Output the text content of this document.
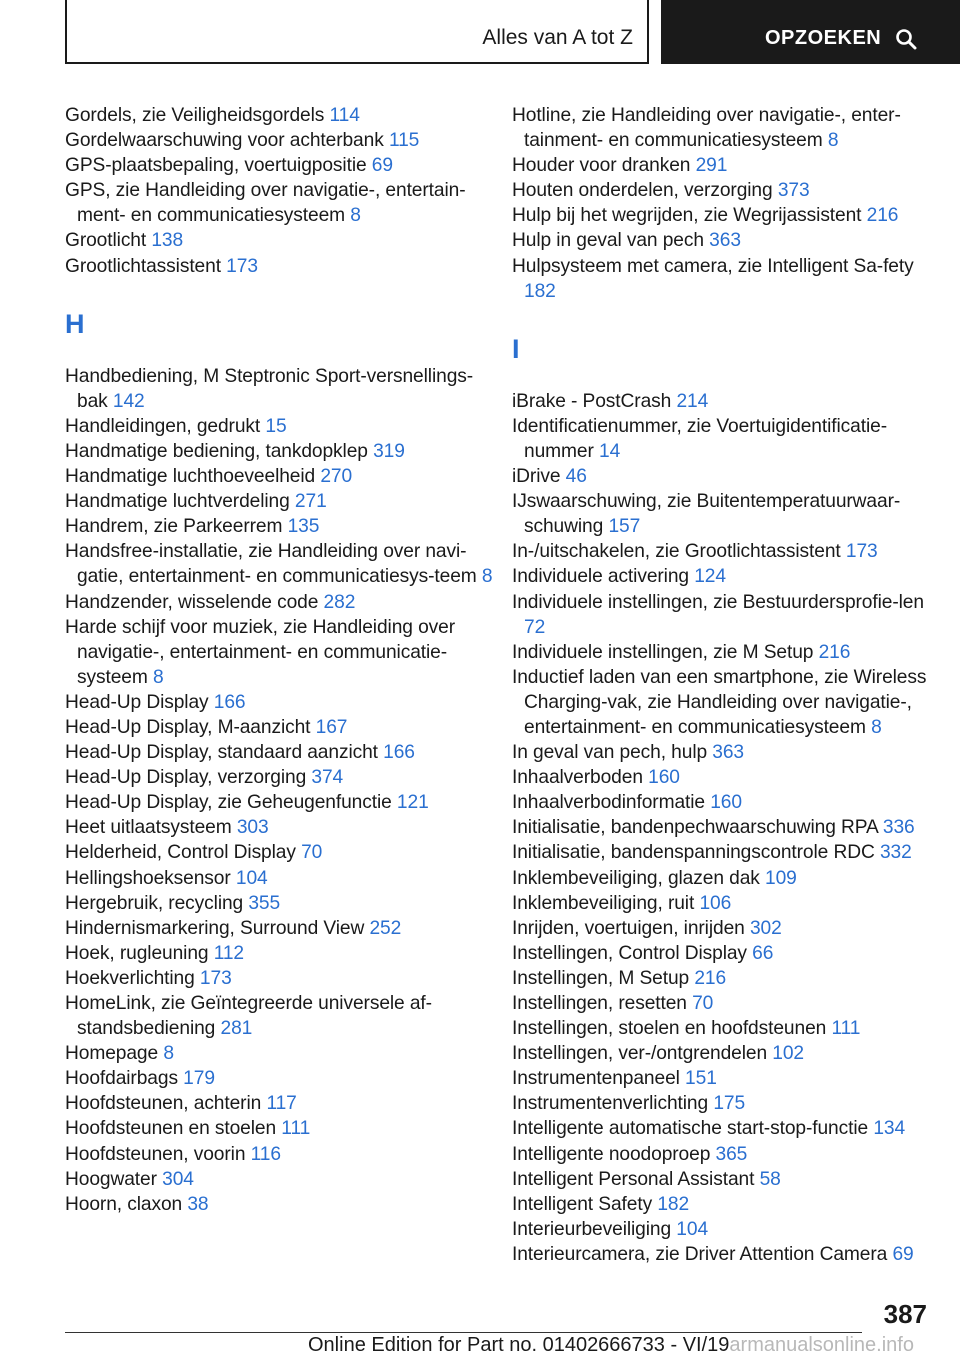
Alles van A tot Z	OPZOEKEN
Gordels, zie Veiligheidsgordels 114
Gordelwaarschuwing voor achterbank 115
GPS-plaatsbepaling, voertuigpositie 69
GPS, zie Handleiding over navigatie-, entertain-ment- en communicatiesysteem 8
Grootlicht 138
Grootlichtassistent 173
H
Handbediening, M Steptronic Sport-versnellings-bak 142
Handleidingen, gedrukt 15
Handmatige bediening, tankdopklep 319
Handmatige luchthoeveelheid 270
Handmatige luchtverdeling 271
Handrem, zie Parkeerrem 135
Handsfree-installatie, zie Handleiding over navi-gatie, entertainment- en communicatiesys-teem 8
Handzender, wisselende code 282
Harde schijf voor muziek, zie Handleiding over navigatie-, entertainment- en communicatie-systeem 8
Head-Up Display 166
Head-Up Display, M-aanzicht 167
Head-Up Display, standaard aanzicht 166
Head-Up Display, verzorging 374
Head-Up Display, zie Geheugenfunctie 121
Heet uitlaatsysteem 303
Helderheid, Control Display 70
Hellingshoeksensor 104
Hergebruik, recycling 355
Hindernismarkering, Surround View 252
Hoek, rugleuning 112
Hoekverlichting 173
HomeLink, zie Geïntegreerde universele af-standsbediening 281
Homepage 8
Hoofdairbags 179
Hoofdsteunen, achterin 117
Hoofdsteunen en stoelen 111
Hoofdsteunen, voorin 116
Hoogwater 304
Hoorn, claxon 38
Hotline, zie Handleiding over navigatie-, enter-tainment- en communicatiesysteem 8
Houder voor dranken 291
Houten onderdelen, verzorging 373
Hulp bij het wegrijden, zie Wegrijassistent 216
Hulp in geval van pech 363
Hulpsysteem met camera, zie Intelligent Sa-fety 182
I
iBrake - PostCrash 214
Identificatienummer, zie Voertuigidentificatie-nummer 14
iDrive 46
IJswaarschuwing, zie Buitentemperatuurwaar-schuwing 157
In-/uitschakelen, zie Grootlichtassistent 173
Individuele activering 124
Individuele instellingen, zie Bestuurdersprofie-len 72
Individuele instellingen, zie M Setup 216
Inductief laden van een smartphone, zie Wireless Charging-vak, zie Handleiding over navigatie-, entertainment- en communicatiesysteem 8
In geval van pech, hulp 363
Inhaalverboden 160
Inhaalverbodinformatie 160
Initialisatie, bandenpechwaarschuwing RPA 336
Initialisatie, bandenspanningscontrole RDC 332
Inklembeveiliging, glazen dak 109
Inklembeveiliging, ruit 106
Inrijden, voertuigen, inrijden 302
Instellingen, Control Display 66
Instellingen, M Setup 216
Instellingen, resetten 70
Instellingen, stoelen en hoofdsteunen 111
Instellingen, ver-/ontgrendelen 102
Instrumentenpaneel 151
Instrumentenverlichting 175
Intelligente automatische start-stop-functie 134
Intelligente noodoproep 365
Intelligent Personal Assistant 58
Intelligent Safety 182
Interieurbeveiliging 104
Interieurcamera, zie Driver Attention Camera 69
387
Online Edition for Part no. 01402666733 - VI/19armanualsonline.info
